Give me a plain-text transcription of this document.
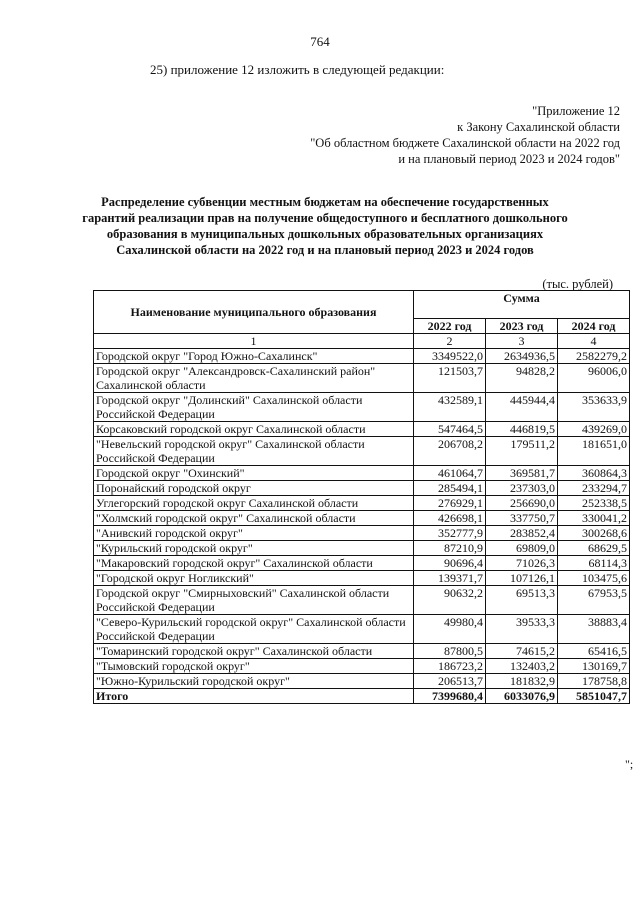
764
25) приложение 12 изложить в следующей редакции:
"Приложение 12
к Закону Сахалинской области
"Об областном бюджете Сахалинской области на 2022 год
и на плановый период 2023 и 2024 годов"
Распределение субвенции местным бюджетам на обеспечение государственных
гарантий реализации прав на получение общедоступного и бесплатного дошкольного
образования в муниципальных дошкольных образовательных организациях
Сахалинской области на 2022 год и на плановый период 2023 и 2024 годов
(тыс. рублей)
Наименование муниципального образования	Сумма		
	2022 год	2023 год	2024 год
1	2	3	4
Городской округ "Город Южно-Сахалинск"	3349522,0	2634936,5	2582279,2
Городской округ "Александровск-Сахалинский район" Сахалинской области	121503,7	94828,2	96006,0
Городской округ "Долинский" Сахалинской области Российской Федерации	432589,1	445944,4	353633,9
Корсаковский городской округ Сахалинской области	547464,5	446819,5	439269,0
"Невельский городской округ" Сахалинской области Российской Федерации	206708,2	179511,2	181651,0
Городской округ "Охинский"	461064,7	369581,7	360864,3
Поронайский городской округ	285494,1	237303,0	233294,7
Углегорский городской округ Сахалинской области	276929,1	256690,0	252338,5
"Холмский городской округ" Сахалинской области	426698,1	337750,7	330041,2
"Анивский городской округ"	352777,9	283852,4	300268,6
"Курильский городской округ"	87210,9	69809,0	68629,5
"Макаровский городской округ" Сахалинской области	90696,4	71026,3	68114,3
"Городской округ Ногликский"	139371,7	107126,1	103475,6
Городской округ "Смирныховский" Сахалинской области Российской Федерации	90632,2	69513,3	67953,5
"Северо-Курильский городской округ" Сахалинской области Российской Федерации	49980,4	39533,3	38883,4
"Томаринский городской округ" Сахалинской области	87800,5	74615,2	65416,5
"Тымовский городской округ"	186723,2	132403,2	130169,7
"Южно-Курильский городской округ"	206513,7	181832,9	178758,8
Итого	7399680,4	6033076,9	5851047,7
";
